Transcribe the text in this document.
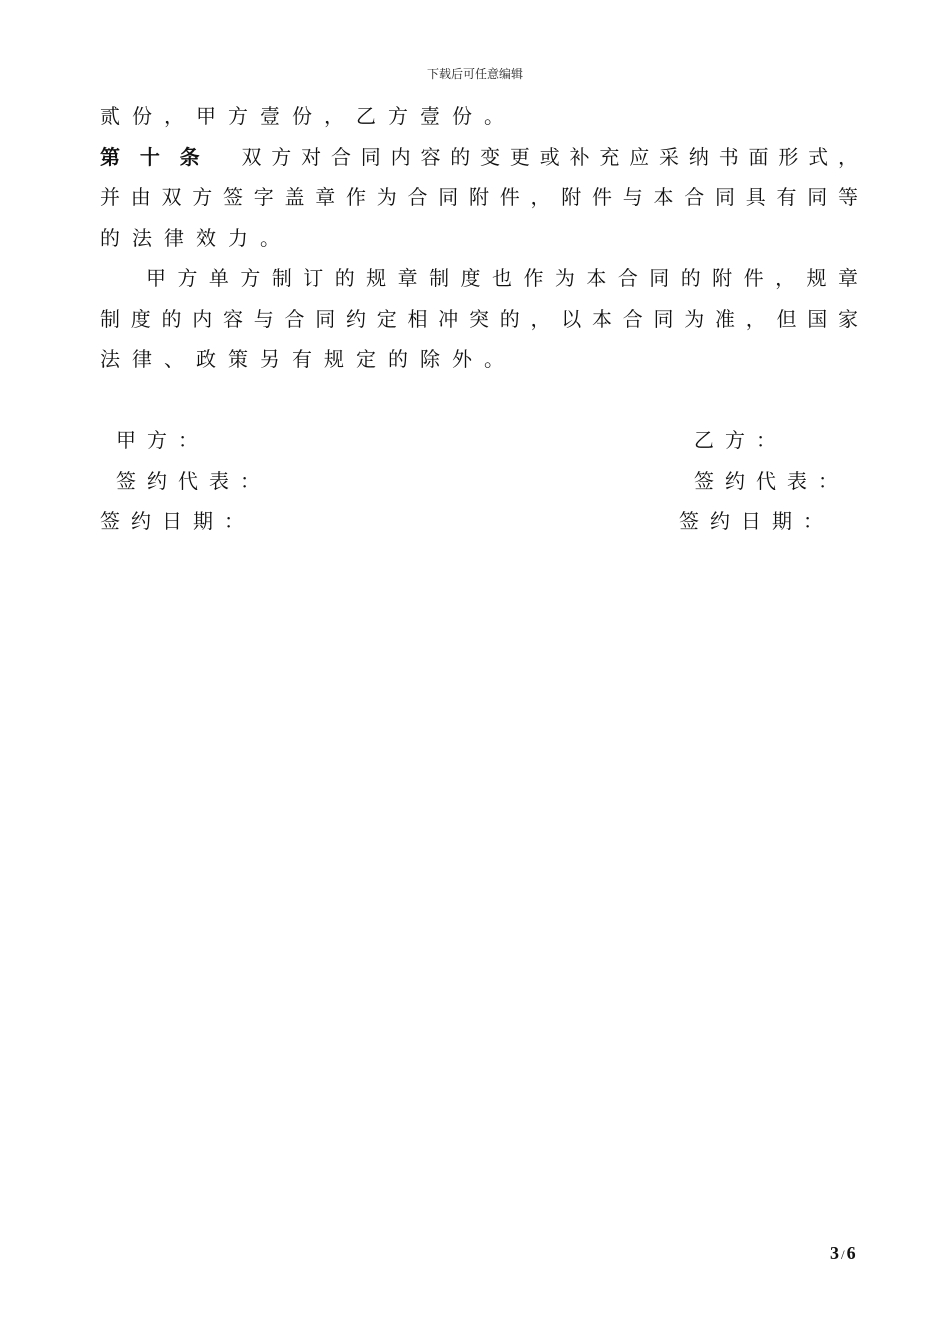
下载后可任意编辑
贰份，甲方壹份，乙方壹份。
第十条 双方对合同内容的变更或补充应采纳书面形式，
并由双方签字盖章作为合同附件，附件与本合同具有同等
的法律效力。
甲方单方制订的规章制度也作为本合同的附件，规章
制度的内容与合同约定相冲突的，以本合同为准，但国家
法律、政策另有规定的除外。
甲方：
签约代表：
签约日期：
乙方：
签约代表：
签约日期：
3 / 6
